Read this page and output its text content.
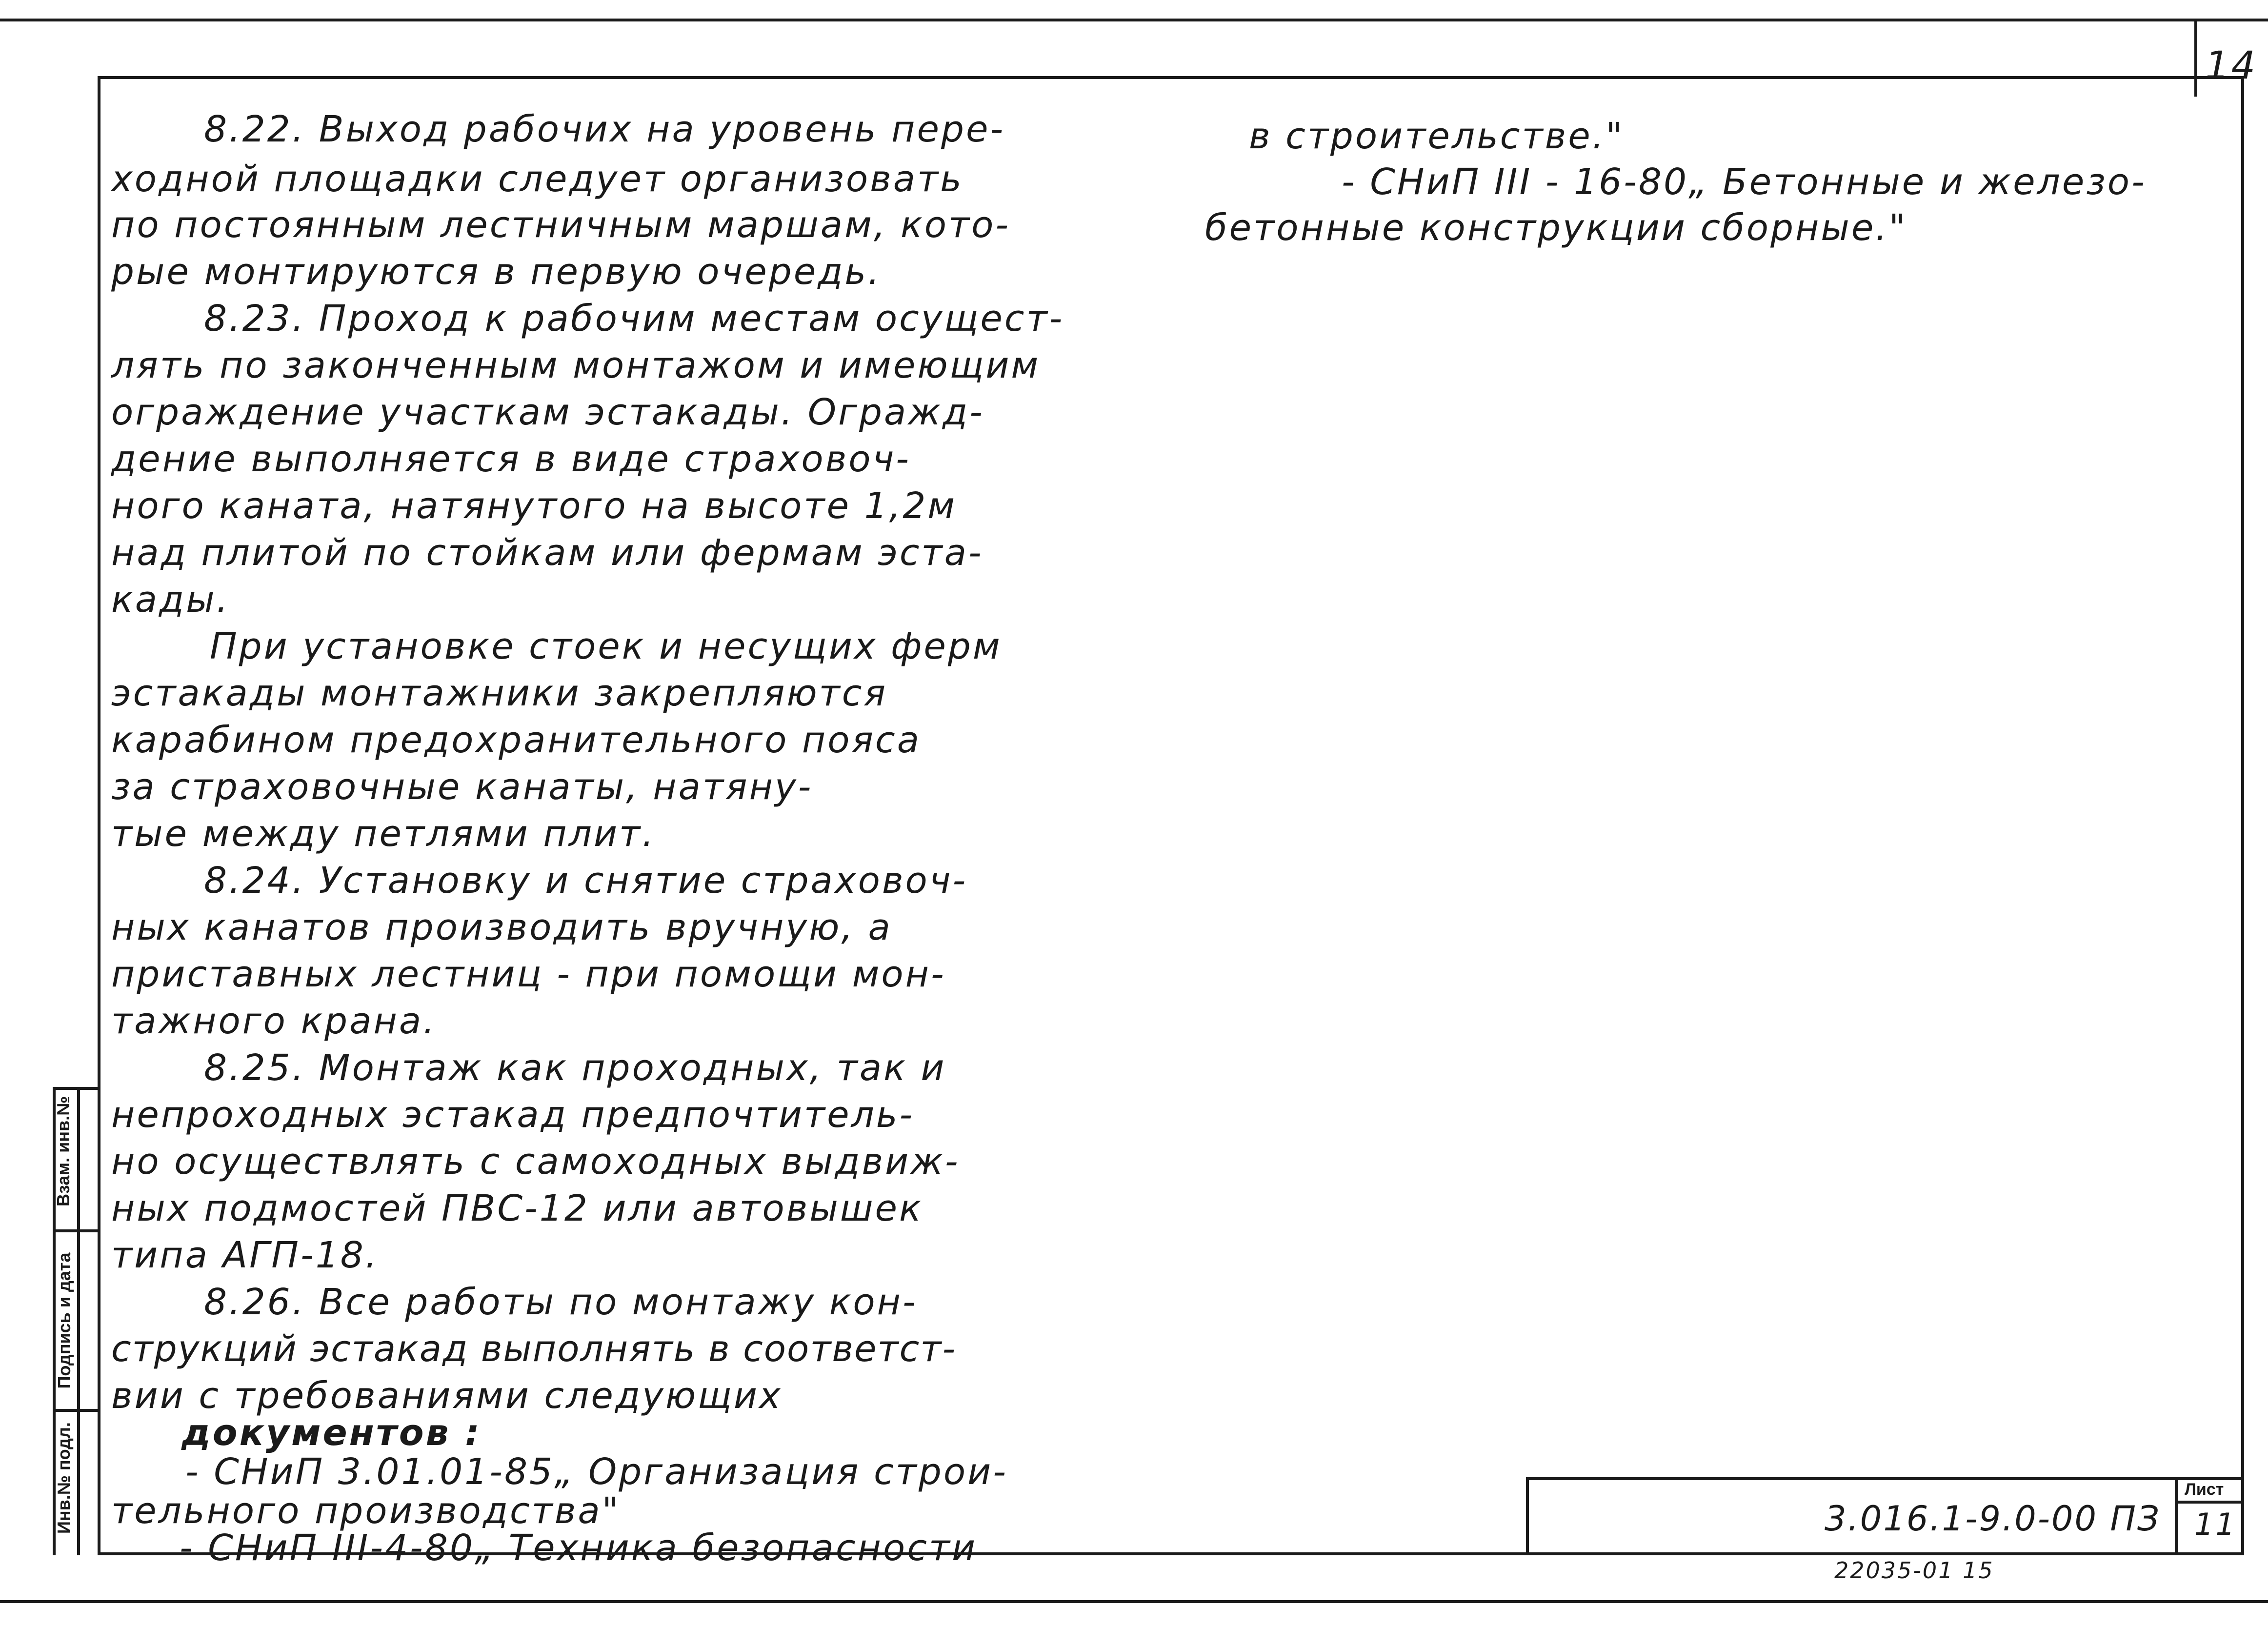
14
Взам. инв.№
Подпись и дата
Инв.№ подл.
8.22. Выход рабочих на уровень пере-
ходной площадки следует организовать
по постоянным лестничным маршам, кото-
рые монтируются в первую очередь.
8.23. Проход к рабочим местам осущест-
лять по законченным монтажом и имеющим
ограждение участкам эстакады. Огражд-
дение выполняется в виде страховоч-
ного каната, натянутого на высоте 1,2м
над плитой по стойкам или фермам эста-
кады.
При установке стоек и несущих ферм
эстакады монтажники закрепляются
карабином предохранительного пояса
за страховочные канаты, натяну-
тые между петлями плит.
8.24. Установку и снятие страховоч-
ных канатов производить вручную, а
приставных лестниц - при помощи мон-
тажного крана.
8.25. Монтаж как проходных, так и
непроходных эстакад предпочтитель-
но осуществлять с самоходных выдвиж-
ных подмостей ПВС-12 или автовышек
типа АГП-18.
8.26. Все работы по монтажу кон-
струкций эстакад выполнять в соответст-
вии с требованиями следующих
документов :
- СНиП 3.01.01-85„ Организация строи-
тельного производства"
- СНиП III-4-80„ Техника безопасности
в строительстве."
- СНиП III - 16-80„ Бетонные и железо-
бетонные конструкции сборные."
3.016.1-9.0-00 ПЗ
Лист
11
22035-01 15
